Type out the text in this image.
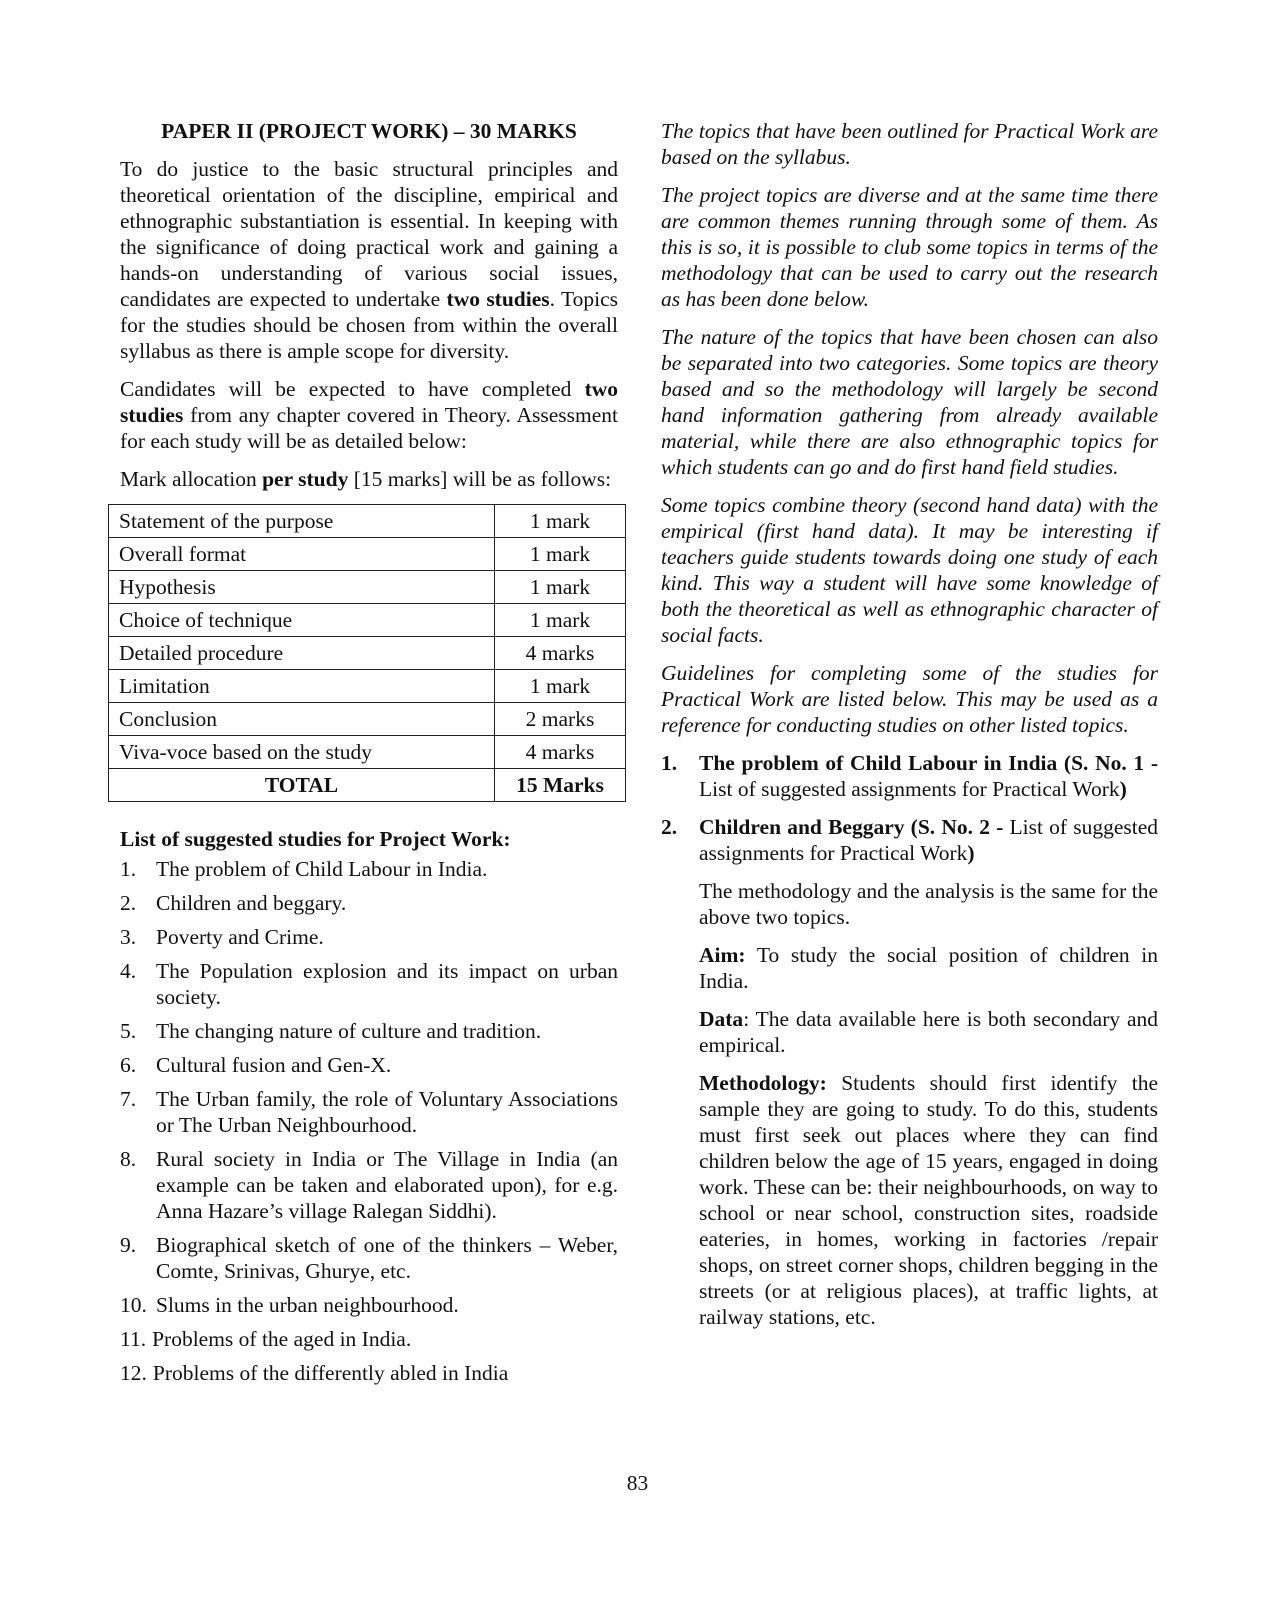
PAPER II (PROJECT WORK) – 30 MARKS

To do justice to the basic structural principles and theoretical orientation of the discipline, empirical and ethnographic substantiation is essential. In keeping with the significance of doing practical work and gaining a hands-on understanding of various social issues, candidates are expected to undertake two studies. Topics for the studies should be chosen from within the overall syllabus as there is ample scope for diversity.

Candidates will be expected to have completed two studies from any chapter covered in Theory. Assessment for each study will be as detailed below:

Mark allocation per study [15 marks] will be as follows:

Statement of the purpose	1 mark
Overall format	1 mark
Hypothesis	1 mark
Choice of technique	1 mark
Detailed procedure	4 marks
Limitation	1 mark
Conclusion	2 marks
Viva-voce based on the study	4 marks
TOTAL	15 Marks
List of suggested studies for Project Work:
1. The problem of Child Labour in India.
2. Children and beggary.
3. Poverty and Crime.
4. The Population explosion and its impact on urban society.
5. The changing nature of culture and tradition.
6. Cultural fusion and Gen-X.
7. The Urban family, the role of Voluntary Associations or The Urban Neighbourhood.
8. Rural society in India or The Village in India (an example can be taken and elaborated upon), for e.g. Anna Hazare’s village Ralegan Siddhi).
9. Biographical sketch of one of the thinkers – Weber, Comte, Srinivas, Ghurye, etc.
10. Slums in the urban neighbourhood.
11. Problems of the aged in India.
12. Problems of the differently abled in India

The topics that have been outlined for Practical Work are based on the syllabus.

The project topics are diverse and at the same time there are common themes running through some of them. As this is so, it is possible to club some topics in terms of the methodology that can be used to carry out the research as has been done below.

The nature of the topics that have been chosen can also be separated into two categories. Some topics are theory based and so the methodology will largely be second hand information gathering from already available material, while there are also ethnographic topics for which students can go and do first hand field studies.

Some topics combine theory (second hand data) with the empirical (first hand data). It may be interesting if teachers guide students towards doing one study of each kind. This way a student will have some knowledge of both the theoretical as well as ethnographic character of social facts.

Guidelines for completing some of the studies for Practical Work are listed below. This may be used as a reference for conducting studies on other listed topics.

1. The problem of Child Labour in India (S. No. 1 - List of suggested assignments for Practical Work)
2. Children and Beggary (S. No. 2 - List of suggested assignments for Practical Work)

The methodology and the analysis is the same for the above two topics.

Aim: To study the social position of children in India.

Data: The data available here is both secondary and empirical.

Methodology: Students should first identify the sample they are going to study. To do this, students must first seek out places where they can find children below the age of 15 years, engaged in doing work. These can be: their neighbourhoods, on way to school or near school, construction sites, roadside eateries, in homes, working in factories /repair shops, on street corner shops, children begging in the streets (or at religious places), at traffic lights, at railway stations, etc.

83
